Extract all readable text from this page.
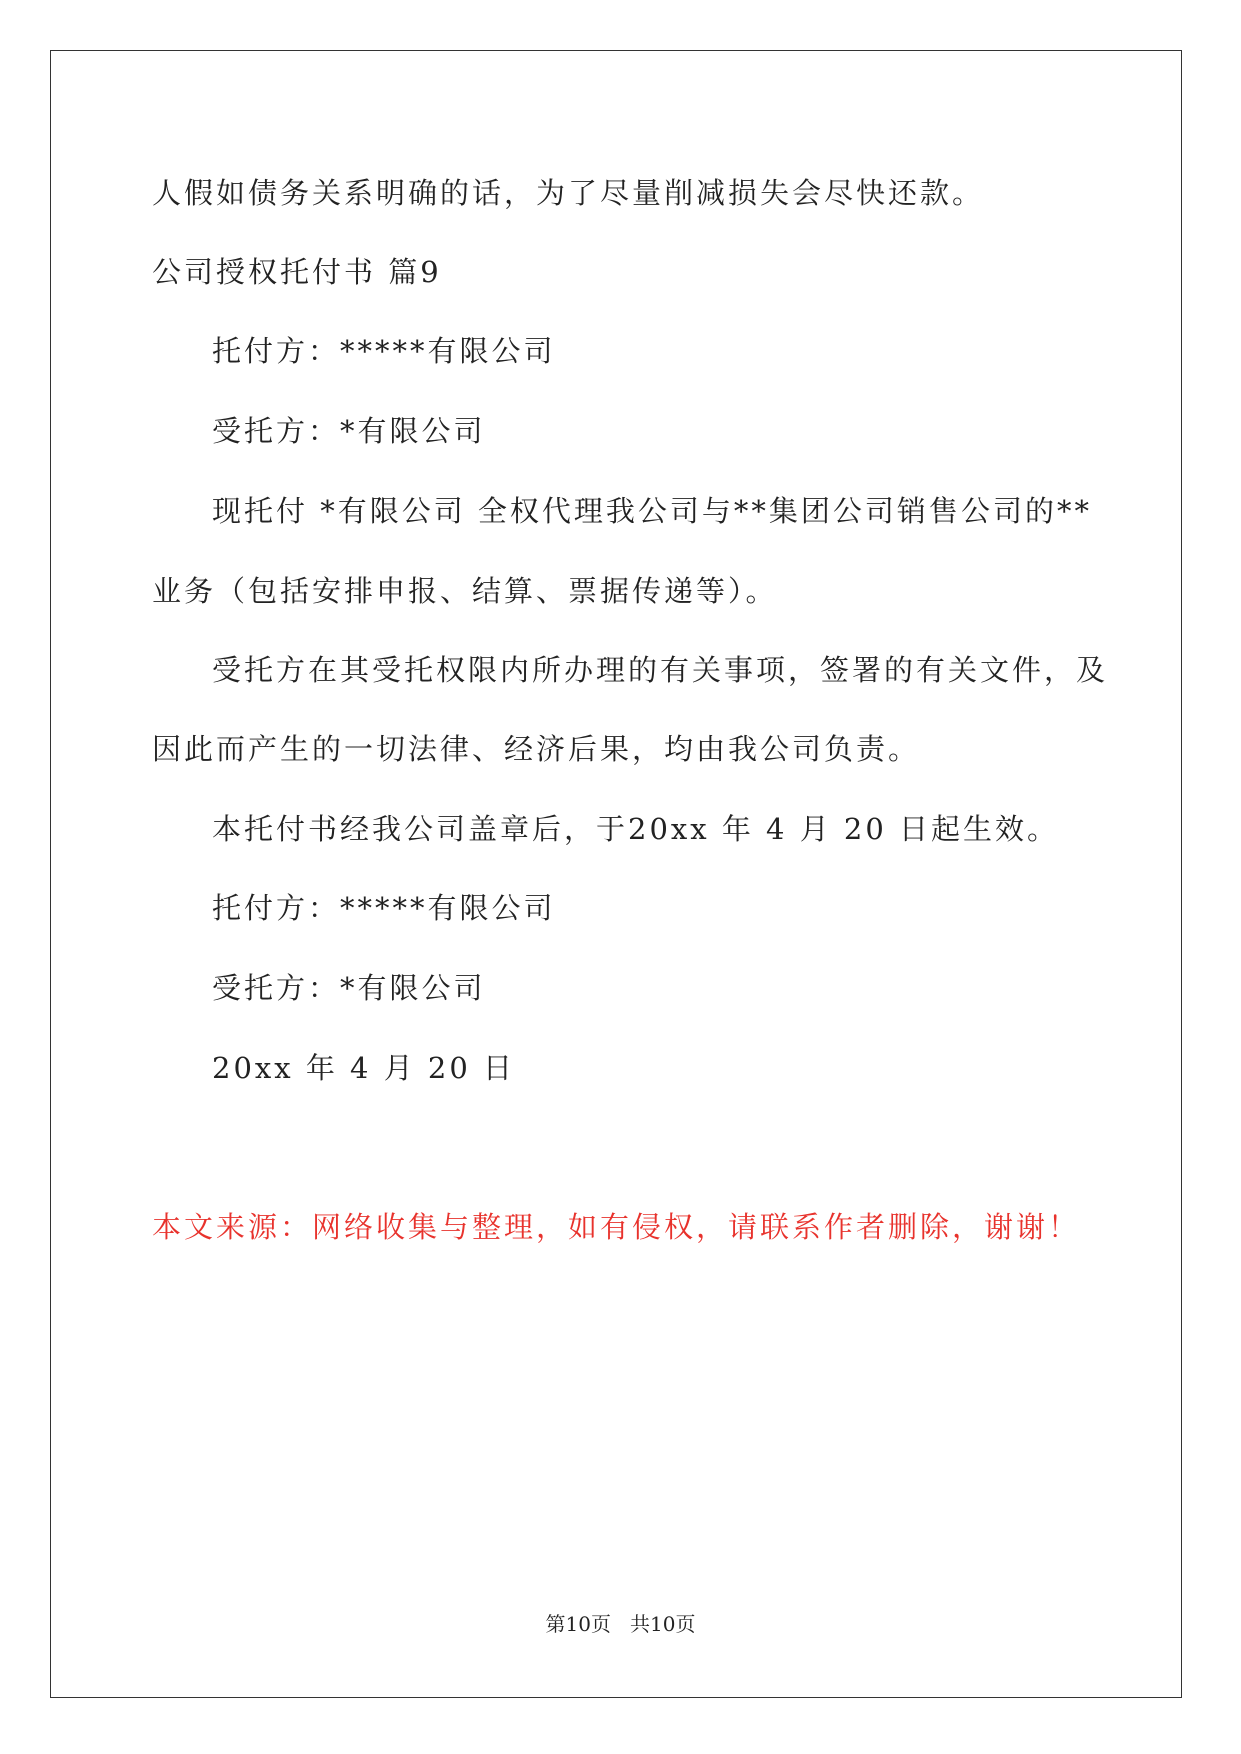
人假如债务关系明确的话，为了尽量削减损失会尽快还款。
公司授权托付书 篇9
托付方：*****有限公司
受托方：*有限公司
现托付 *有限公司 全权代理我公司与**集团公司销售公司的**
业务（包括安排申报、结算、票据传递等）。
受托方在其受托权限内所办理的有关事项，签署的有关文件，及
因此而产生的一切法律、经济后果，均由我公司负责。
本托付书经我公司盖章后，于20xx 年 4 月 20 日起生效。
托付方：*****有限公司
受托方：*有限公司
20xx 年 4 月 20 日
本文来源：网络收集与整理，如有侵权，请联系作者删除，谢谢！
第10页   共10页
